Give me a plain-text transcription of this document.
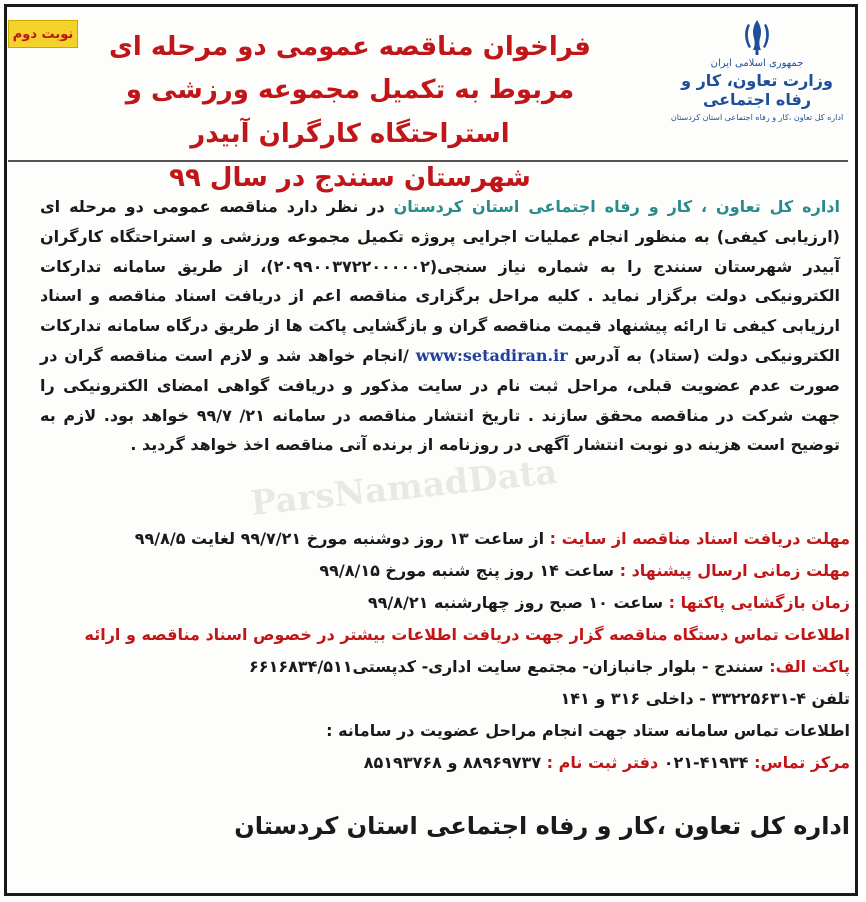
نوبت دوم	فراخوان مناقصه عمومی دو مرحله ای
مربوط به تکمیل مجموعه ورزشی و استراحتگاه کارگران آبیدر
شهرستان سنندج در سال ۹۹
جمهوری اسلامی ایران
وزارت تعاون، کار و رفاه اجتماعی
اداره کل تعاون ،کار و رفاه اجتماعی استان کردستان
ParsNamadData
اداره کل تعاون ، کار و رفاه اجتماعی استان کردستان در نظر دارد مناقصه عمومی دو مرحله ای (ارزیابی کیفی) به منظور انجام عملیات اجرایی پروژه تکمیل مجموعه ورزشی و استراحتگاه کارگران آبیدر شهرستان سنندج را به شماره نیاز سنجی(۲۰۹۹۰۰۳۷۲۲۰۰۰۰۰۲)، از طریق سامانه تدارکات الکترونیکی دولت برگزار نماید . کلیه مراحل برگزاری مناقصه اعم از دریافت اسناد مناقصه و اسناد ارزیابی کیفی تا ارائه پیشنهاد قیمت مناقصه گران و بازگشایی پاکت ها از طریق درگاه سامانه تدارکات الکترونیکی دولت (ستاد) به آدرس www:setadiran.ir /انجام خواهد شد و لازم است مناقصه گران در صورت عدم عضویت قبلی، مراحل ثبت نام در سایت مذکور و دریافت گواهی امضای الکترونیکی را جهت شرکت در مناقصه محقق سازند . تاریخ انتشار مناقصه در سامانه ۲۱/ ۹۹/۷ خواهد بود. لازم به توضیح است هزینه دو نوبت انتشار آگهی در روزنامه از برنده آتی مناقصه اخذ خواهد گردید .
مهلت دریافت اسناد مناقصه از سایت : از ساعت ۱۳ روز دوشنبه مورخ ۹۹/۷/۲۱ لغایت ۹۹/۸/۵
مهلت زمانی ارسال پیشنهاد : ساعت ۱۴ روز پنج شنبه مورخ ۹۹/۸/۱۵
زمان بازگشایی پاکتها : ساعت ۱۰ صبح روز چهارشنبه ۹۹/۸/۲۱
اطلاعات تماس دستگاه مناقصه گزار جهت دریافت اطلاعات بیشتر در خصوص اسناد مناقصه و ارائه
پاکت الف: سنندج - بلوار جانبازان- مجتمع سایت اداری- کدپستی۶۶۱۶۸۳۴/۵۱۱
تلفن ۴-۳۳۲۲۵۶۳۱ - داخلی ۳۱۶ و ۱۴۱
اطلاعات تماس سامانه ستاد جهت انجام مراحل عضویت در سامانه :
مرکز تماس: ۴۱۹۳۴-۰۲۱ دفتر ثبت نام : ۸۸۹۶۹۷۳۷ و ۸۵۱۹۳۷۶۸
اداره کل تعاون ،کار و رفاه اجتماعی استان کردستان
